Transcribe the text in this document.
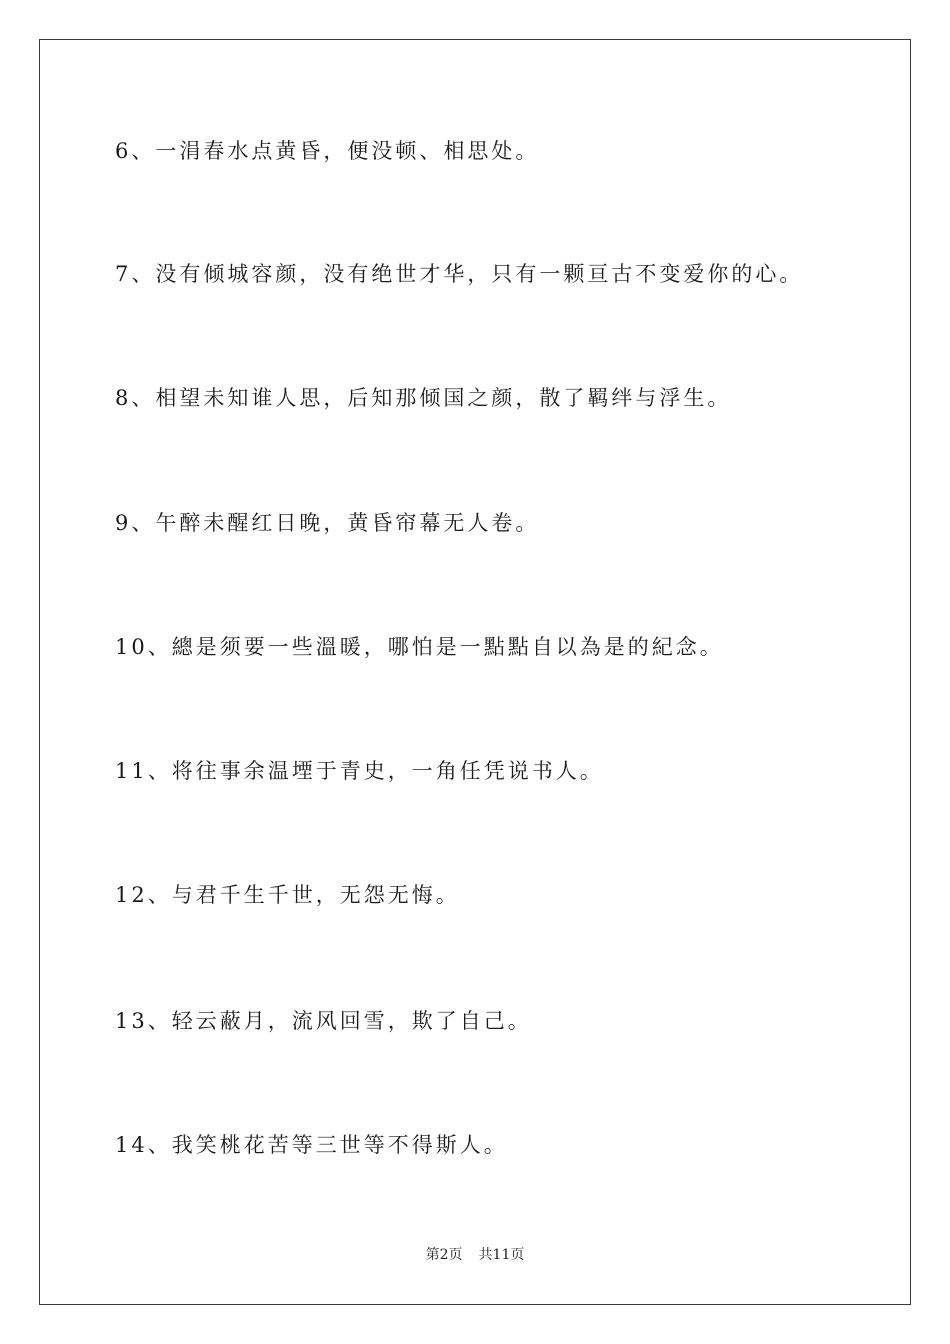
6、一涓春水点黄昏，便没顿、相思处。
7、没有倾城容颜，没有绝世才华，只有一颗亘古不变爱你的心。
8、相望未知谁人思，后知那倾国之颜，散了羁绊与浮生。
9、午醉未醒红日晚，黄昏帘幕无人卷。
10、總是须要一些溫暖，哪怕是一點點自以為是的紀念。
11、将往事余温堙于青史，一角任凭说书人。
12、与君千生千世，无怨无悔。
13、轻云蔽月，流风回雪，欺了自己。
14、我笑桃花苦等三世等不得斯人。
第2页 共11页
